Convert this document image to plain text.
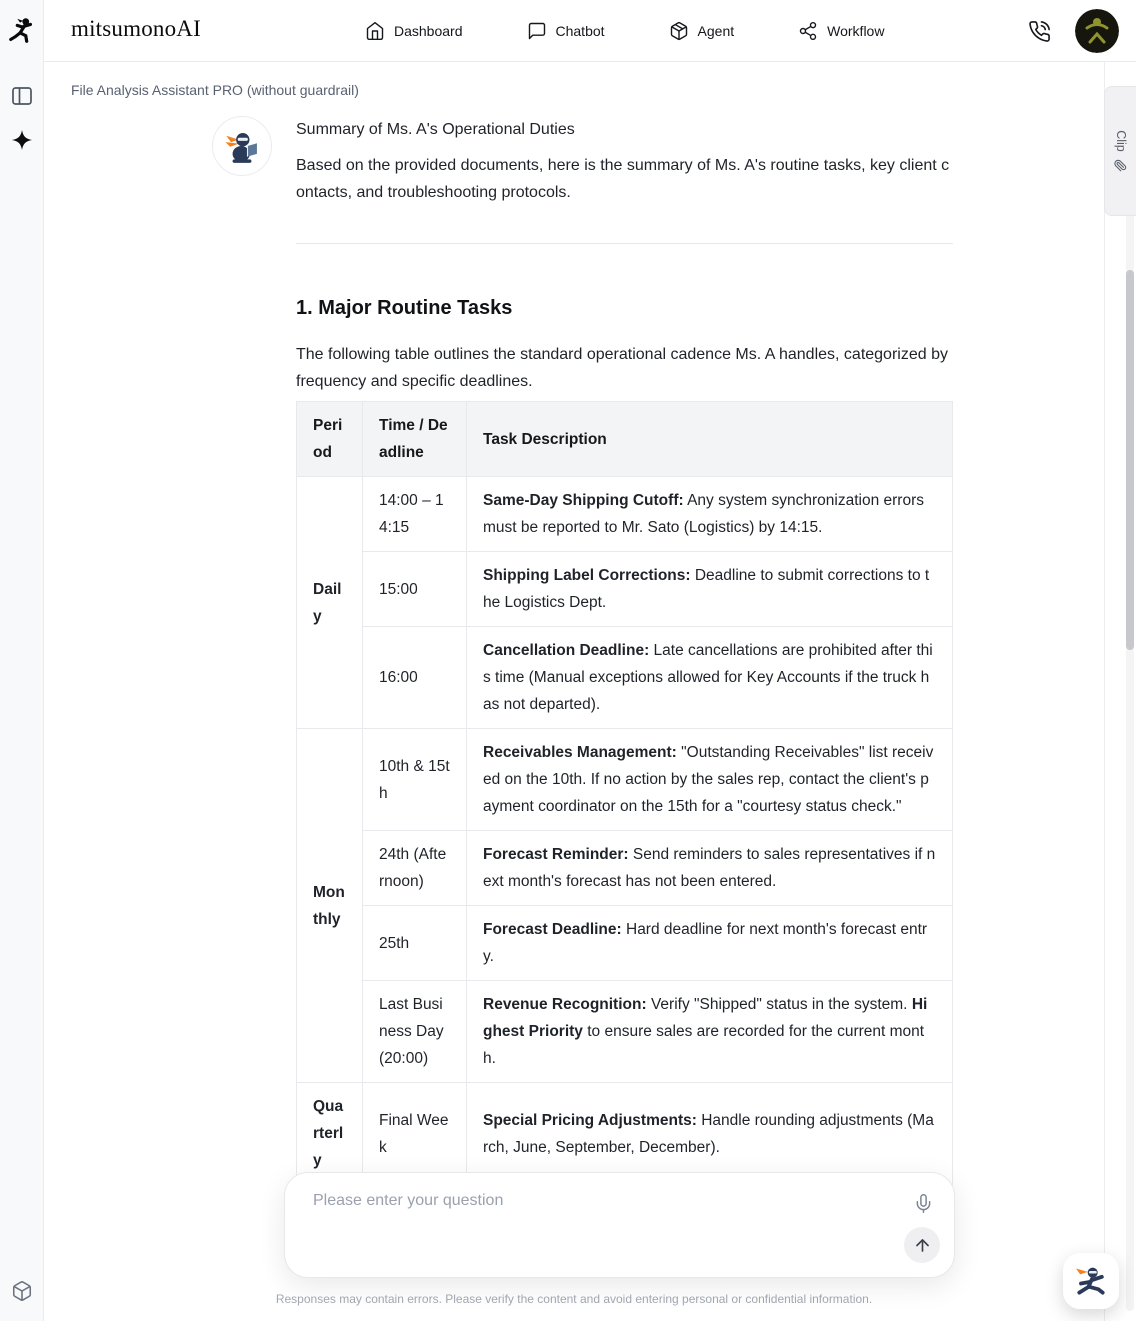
mitsumonoAI	Dashboard	Chatbot	Agent	Workflow
File Analysis Assistant PRO (without guardrail)

Summary of Ms. A's Operational Duties

Based on the provided documents, here is the summary of Ms. A's routine tasks, key client contacts, and troubleshooting protocols.

1. Major Routine Tasks

The following table outlines the standard operational cadence Ms. A handles, categorized by frequency and specific deadlines.

Period	Time / Deadline	Task Description
Daily	14:00 – 14:15	Same-Day Shipping Cutoff: Any system synchronization errors must be reported to Mr. Sato (Logistics) by 14:15.
	15:00	Shipping Label Corrections: Deadline to submit corrections to the Logistics Dept.
	16:00	Cancellation Deadline: Late cancellations are prohibited after this time (Manual exceptions allowed for Key Accounts if the truck has not departed).
Monthly	10th & 15th	Receivables Management: "Outstanding Receivables" list received on the 10th. If no action by the sales rep, contact the client's payment coordinator on the 15th for a "courtesy status check."
	24th (Afternoon)	Forecast Reminder: Send reminders to sales representatives if next month's forecast has not been entered.
	25th	Forecast Deadline: Hard deadline for next month's forecast entry.
	Last Business Day (20:00)	Revenue Recognition: Verify "Shipped" status in the system. Highest Priority to ensure sales are recorded for the current month.
Quarterly	Final Week	Special Pricing Adjustments: Handle rounding adjustments (March, June, September, December).
Clip
Responses may contain errors. Please verify the content and avoid entering personal or confidential information.
Please enter your question
